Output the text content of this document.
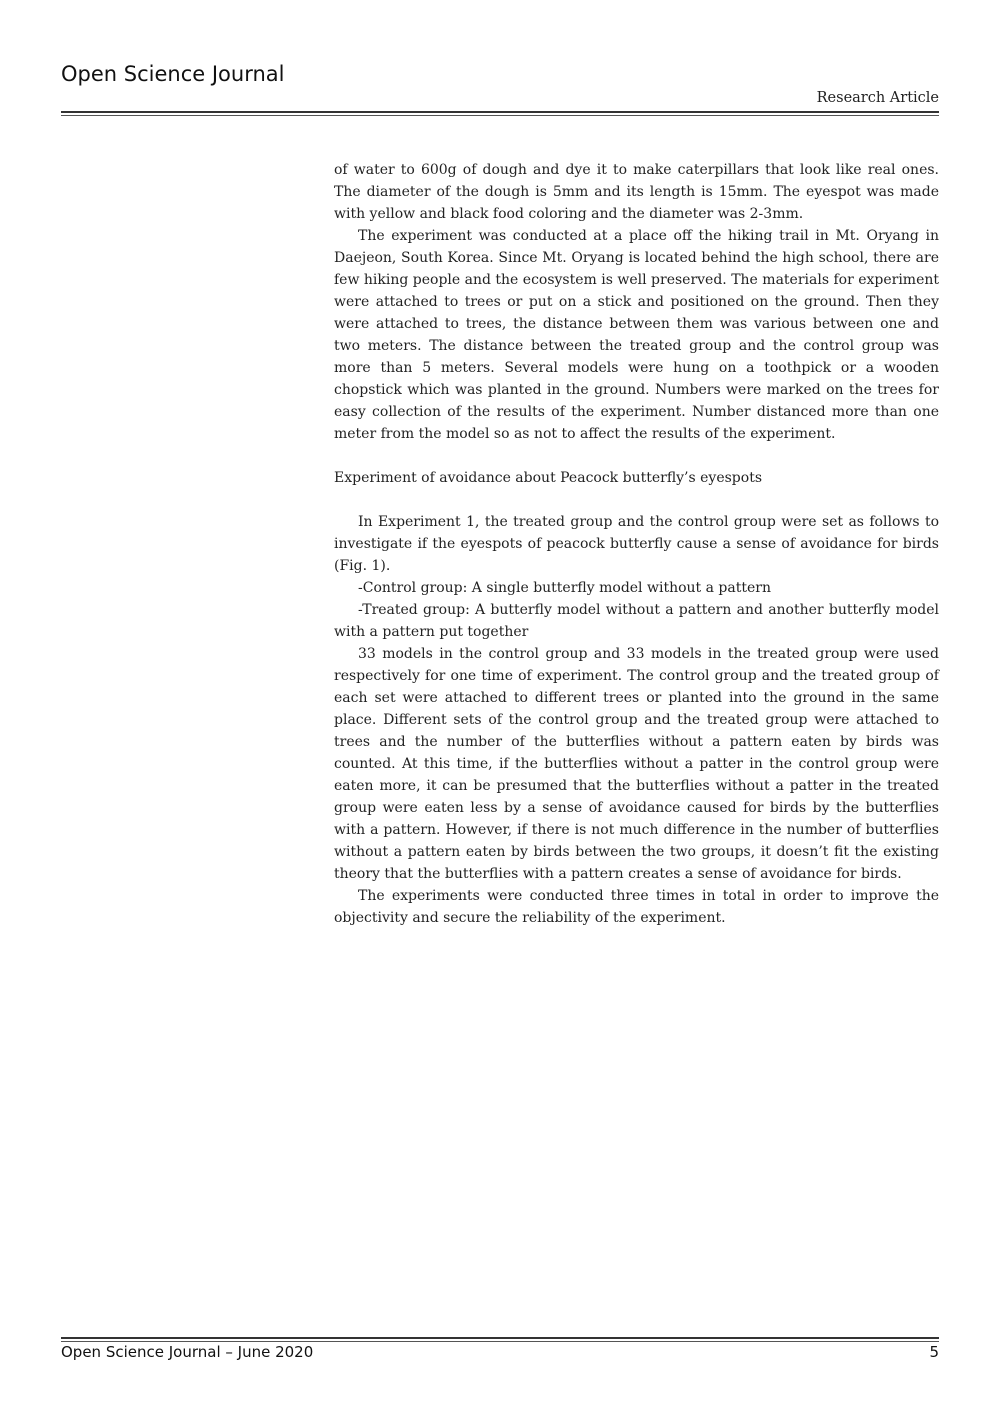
Open Science Journal
Research Article

of water to 600g of dough and dye it to make caterpillars that look like real ones. The diameter of the dough is 5mm and its length is 15mm. The eyespot was made with yellow and black food coloring and the diameter was 2-3mm.

The experiment was conducted at a place off the hiking trail in Mt. Oryang in Daejeon, South Korea. Since Mt. Oryang is located behind the high school, there are few hiking people and the ecosystem is well preserved. The materials for experiment were attached to trees or put on a stick and positioned on the ground. Then they were attached to trees, the distance between them was various between one and two meters. The distance between the treated group and the control group was more than 5 meters. Several models were hung on a toothpick or a wooden chopstick which was planted in the ground. Numbers were marked on the trees for easy collection of the results of the experiment. Number distanced more than one meter from the model so as not to affect the results of the experiment.

Experiment of avoidance about Peacock butterfly’s eyespots

In Experiment 1, the treated group and the control group were set as follows to investigate if the eyespots of peacock butterfly cause a sense of avoidance for birds (Fig. 1).

-Control group: A single butterfly model without a pattern

-Treated group: A butterfly model without a pattern and another butterfly model with a pattern put together

33 models in the control group and 33 models in the treated group were used respectively for one time of experiment. The control group and the treated group of each set were attached to different trees or planted into the ground in the same place. Different sets of the control group and the treated group were attached to trees and the number of the butterflies without a pattern eaten by birds was counted. At this time, if the butterflies without a patter in the control group were eaten more, it can be presumed that the butterflies without a patter in the treated group were eaten less by a sense of avoidance caused for birds by the butterflies with a pattern. However, if there is not much difference in the number of butterflies without a pattern eaten by birds between the two groups, it doesn’t fit the existing theory that the butterflies with a pattern creates a sense of avoidance for birds.

The experiments were conducted three times in total in order to improve the objectivity and secure the reliability of the experiment.

Open Science Journal – June 2020	5
